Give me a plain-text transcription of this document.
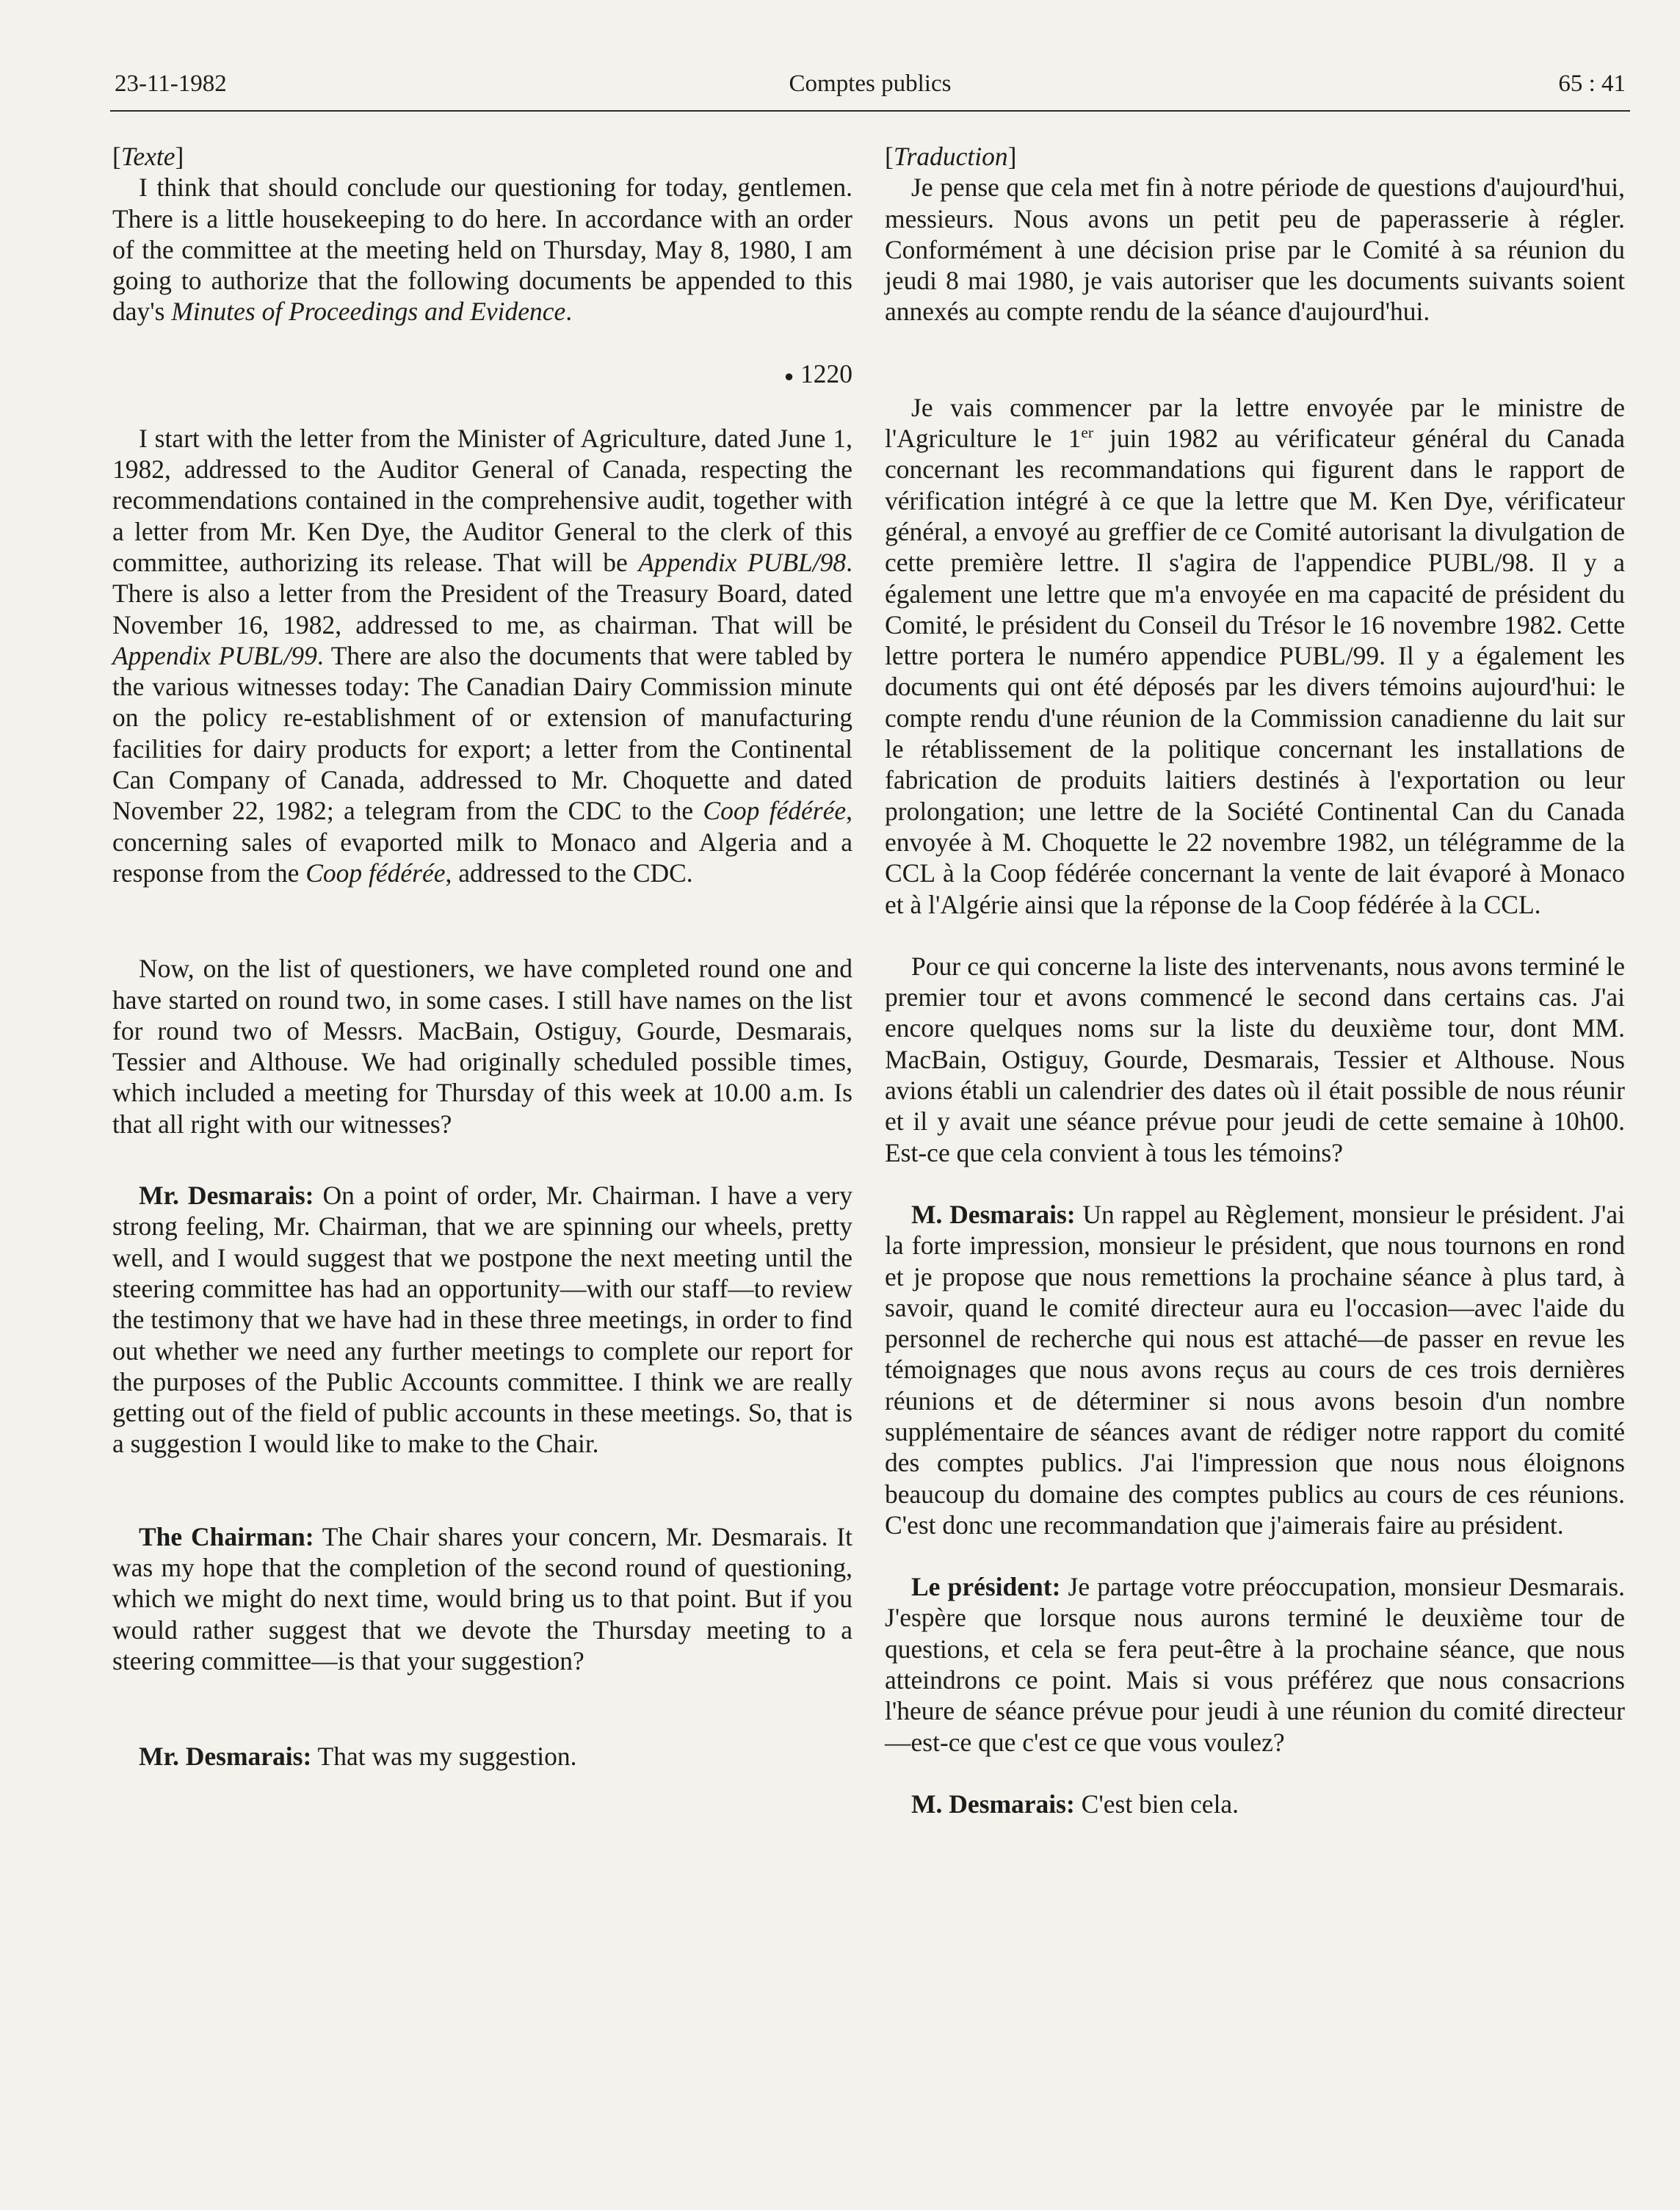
23-11-1982	Comptes publics	65 : 41

[Texte]

I think that should conclude our questioning for today, gentlemen. There is a little housekeeping to do here. In accordance with an order of the committee at the meeting held on Thursday, May 8, 1980, I am going to authorize that the following documents be appended to this day's Minutes of Proceedings and Evidence.

● 1220

I start with the letter from the Minister of Agriculture, dated June 1, 1982, addressed to the Auditor General of Canada, respecting the recommendations contained in the comprehensive audit, together with a letter from Mr. Ken Dye, the Auditor General to the clerk of this committee, authorizing its release. That will be Appendix PUBL/98. There is also a letter from the President of the Treasury Board, dated November 16, 1982, addressed to me, as chairman. That will be Appendix PUBL/99. There are also the documents that were tabled by the various witnesses today: The Canadian Dairy Commission minute on the policy re-establishment of or extension of manufacturing facilities for dairy products for export; a letter from the Continental Can Company of Canada, addressed to Mr. Choquette and dated November 22, 1982; a telegram from the CDC to the Coop fédérée, concerning sales of evaported milk to Monaco and Algeria and a response from the Coop fédérée, addressed to the CDC.

Now, on the list of questioners, we have completed round one and have started on round two, in some cases. I still have names on the list for round two of Messrs. MacBain, Ostiguy, Gourde, Desmarais, Tessier and Althouse. We had originally scheduled possible times, which included a meeting for Thursday of this week at 10.00 a.m. Is that all right with our witnesses?

Mr. Desmarais: On a point of order, Mr. Chairman. I have a very strong feeling, Mr. Chairman, that we are spinning our wheels, pretty well, and I would suggest that we postpone the next meeting until the steering committee has had an opportunity—with our staff—to review the testimony that we have had in these three meetings, in order to find out whether we need any further meetings to complete our report for the purposes of the Public Accounts committee. I think we are really getting out of the field of public accounts in these meetings. So, that is a suggestion I would like to make to the Chair.

The Chairman: The Chair shares your concern, Mr. Desmarais. It was my hope that the completion of the second round of questioning, which we might do next time, would bring us to that point. But if you would rather suggest that we devote the Thursday meeting to a steering committee—is that your suggestion?

Mr. Desmarais: That was my suggestion.

[Traduction]

Je pense que cela met fin à notre période de questions d'aujourd'hui, messieurs. Nous avons un petit peu de paperasserie à régler. Conformément à une décision prise par le Comité à sa réunion du jeudi 8 mai 1980, je vais autoriser que les documents suivants soient annexés au compte rendu de la séance d'aujourd'hui.

Je vais commencer par la lettre envoyée par le ministre de l'Agriculture le 1er juin 1982 au vérificateur général du Canada concernant les recommandations qui figurent dans le rapport de vérification intégré à ce que la lettre que M. Ken Dye, vérificateur général, a envoyé au greffier de ce Comité autorisant la divulgation de cette première lettre. Il s'agira de l'appendice PUBL/98. Il y a également une lettre que m'a envoyée en ma capacité de président du Comité, le président du Conseil du Trésor le 16 novembre 1982. Cette lettre portera le numéro appendice PUBL/99. Il y a également les documents qui ont été déposés par les divers témoins aujourd'hui: le compte rendu d'une réunion de la Commission canadienne du lait sur le rétablissement de la politique concernant les installations de fabrication de produits laitiers destinés à l'exportation ou leur prolongation; une lettre de la Société Continental Can du Canada envoyée à M. Choquette le 22 novembre 1982, un télégramme de la CCL à la Coop fédérée concernant la vente de lait évaporé à Monaco et à l'Algérie ainsi que la réponse de la Coop fédérée à la CCL.

Pour ce qui concerne la liste des intervenants, nous avons terminé le premier tour et avons commencé le second dans certains cas. J'ai encore quelques noms sur la liste du deuxième tour, dont MM. MacBain, Ostiguy, Gourde, Desmarais, Tessier et Althouse. Nous avions établi un calendrier des dates où il était possible de nous réunir et il y avait une séance prévue pour jeudi de cette semaine à 10h00. Est-ce que cela convient à tous les témoins?

M. Desmarais: Un rappel au Règlement, monsieur le président. J'ai la forte impression, monsieur le président, que nous tournons en rond et je propose que nous remettions la prochaine séance à plus tard, à savoir, quand le comité directeur aura eu l'occasion—avec l'aide du personnel de recherche qui nous est attaché—de passer en revue les témoignages que nous avons reçus au cours de ces trois dernières réunions et de déterminer si nous avons besoin d'un nombre supplémentaire de séances avant de rédiger notre rapport du comité des comptes publics. J'ai l'impression que nous nous éloignons beaucoup du domaine des comptes publics au cours de ces réunions. C'est donc une recommandation que j'aimerais faire au président.

Le président: Je partage votre préoccupation, monsieur Desmarais. J'espère que lorsque nous aurons terminé le deuxième tour de questions, et cela se fera peut-être à la prochaine séance, que nous atteindrons ce point. Mais si vous préférez que nous consacrions l'heure de séance prévue pour jeudi à une réunion du comité directeur—est-ce que c'est ce que vous voulez?

M. Desmarais: C'est bien cela.
